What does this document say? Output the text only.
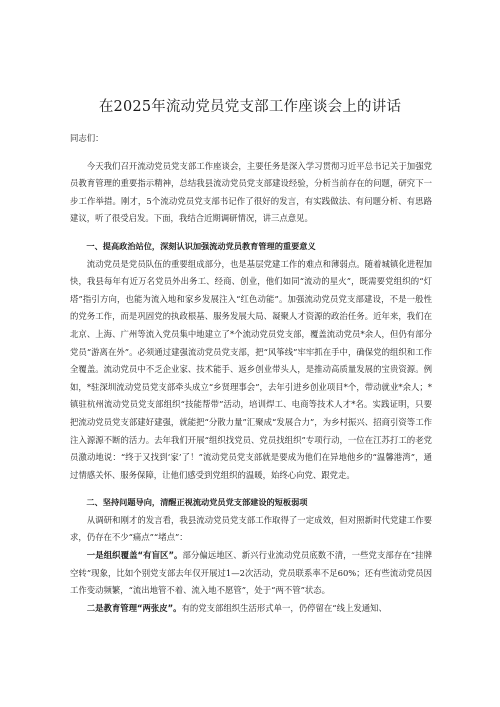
在2025年流动党员党支部工作座谈会上的讲话
同志们：

今天我们召开流动党员党支部工作座谈会，主要任务是深入学习贯彻习近平总书记关于加强党员教育管理的重要指示精神，总结我县流动党员党支部建设经验，分析当前存在的问题，研究下一步工作举措。刚才，5个流动党员党支部书记作了很好的发言，有实践做法、有问题分析、有思路建议，听了很受启发。下面，我结合近期调研情况，讲三点意见。

一、提高政治站位，深刻认识加强流动党员教育管理的重要意义

流动党员是党员队伍的重要组成部分，也是基层党建工作的难点和薄弱点。随着城镇化进程加快，我县每年有近万名党员外出务工、经商、创业，他们如同“流动的星火”，既需要党组织的“灯塔”指引方向，也能为流入地和家乡发展注入“红色动能”。加强流动党员党支部建设，不是一般性的党务工作，而是巩固党的执政根基、服务发展大局、凝聚人才资源的政治任务。近年来，我们在北京、上海、广州等流入党员集中地建立了*个流动党员党支部，覆盖流动党员*余人，但仍有部分党员“游离在外”。必须通过建强流动党员党支部，把“风筝线”牢牢抓在手中，确保党的组织和工作全覆盖。流动党员中不乏企业家、技术能手、返乡创业带头人，是推动高质量发展的宝贵资源。例如，*驻深圳流动党员党支部牵头成立“乡贤理事会”，去年引进乡创业项目*个，带动就业*余人；*镇驻杭州流动党员党支部组织“技能帮带”活动，培训焊工、电商等技术人才*名。实践证明，只要把流动党员党支部建好建强，就能把“分散力量”汇聚成“发展合力”，为乡村振兴、招商引资等工作注入源源不断的活力。去年我们开展“组织找党员、党员找组织”专项行动，一位在江苏打工的老党员激动地说：“终于又找到‘家’了！”流动党员党支部就是要成为他们在异地他乡的“温馨港湾”，通过情感关怀、服务保障，让他们感受到党组织的温暖，始终心向党、跟党走。

二、坚持问题导向，清醒正视流动党员党支部建设的短板弱项

从调研和刚才的发言看，我县流动党员党支部工作取得了一定成效，但对照新时代党建工作要求，仍存在不少“痛点”“堵点”：

一是组织覆盖“有盲区”。部分偏远地区、新兴行业流动党员底数不清，一些党支部存在“挂牌空转”现象，比如个别党支部去年仅开展过1—2次活动，党员联系率不足60%；还有些流动党员因工作变动频繁，“流出地管不着、流入地不愿管”，处于“两不管”状态。

二是教育管理“两张皮”。有的党支部组织生活形式单一，仍停留在“线上发通知、
